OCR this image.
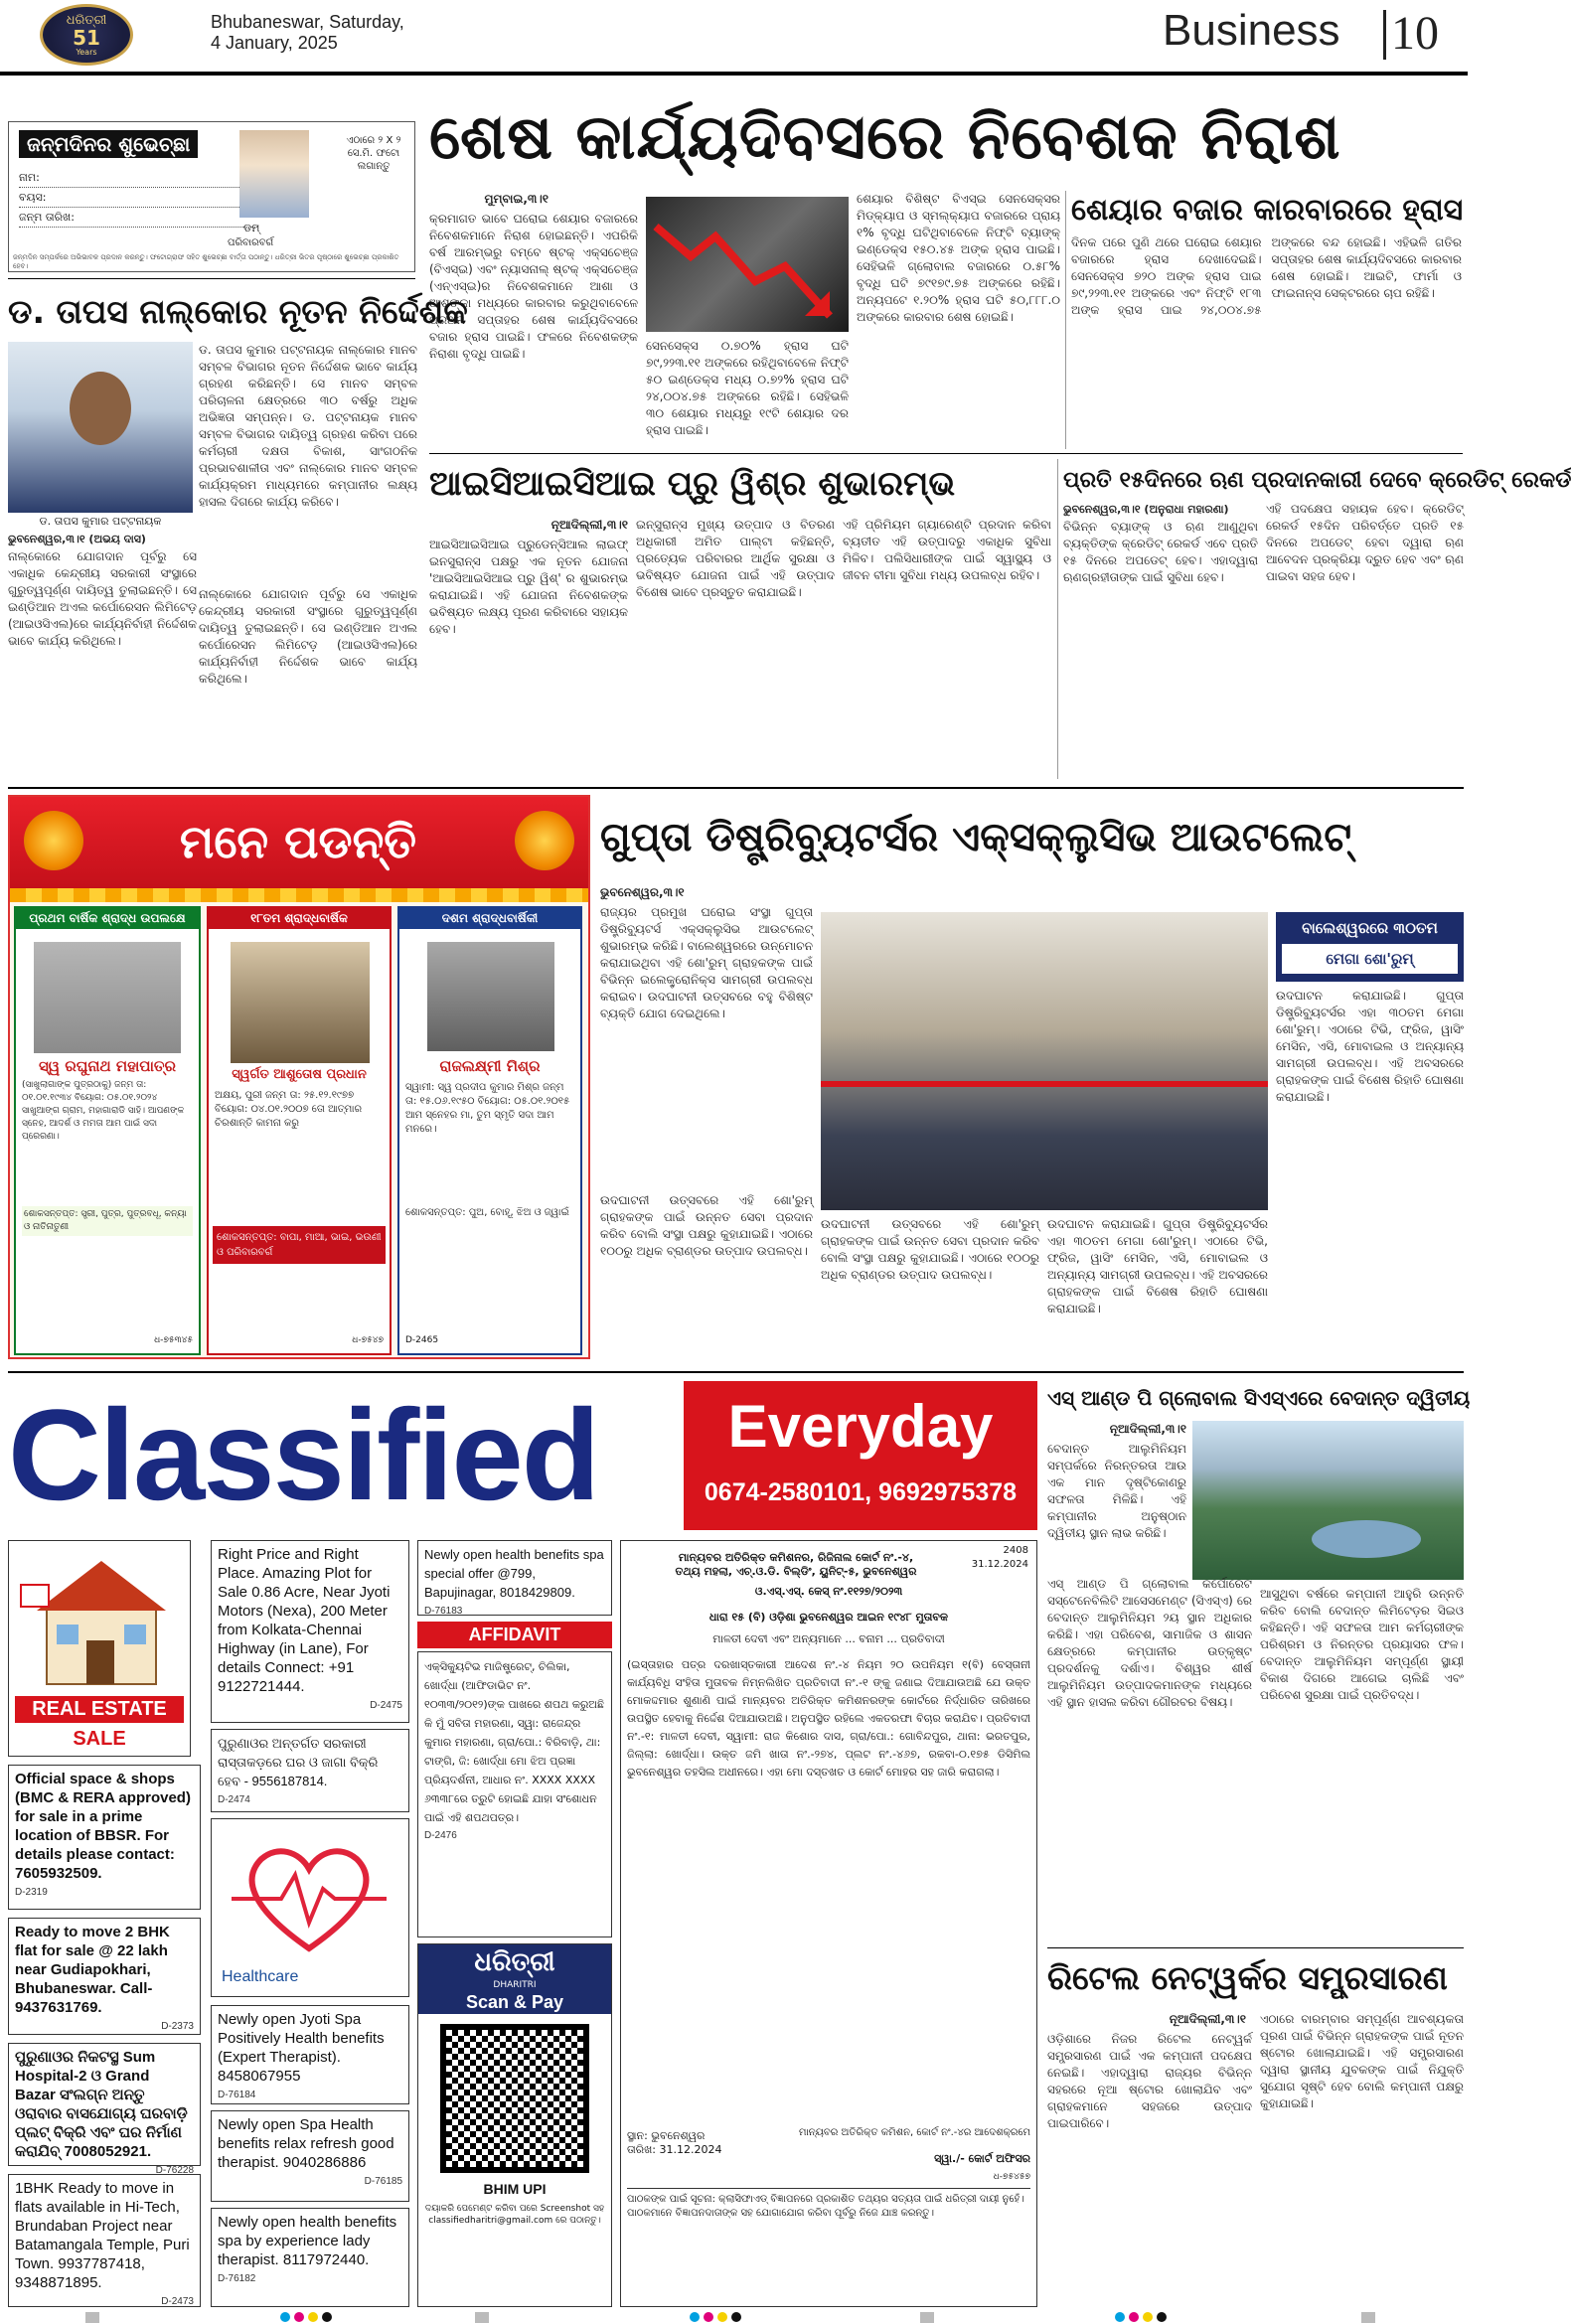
ଧରିତ୍ରୀ
51
Years
Bhubaneswar, Saturday,
4 January, 2025	Business 10
ଜନ୍ମଦିନର ଶୁଭେଚ୍ଛା
ନାମ:
ବୟସ:
ଜନ୍ମ ତାରିଖ:
ଏଠାରେ ୨ X ୨ ସେ.ମି. ଫଟୋ ଲଗାନ୍ତୁ
ଡମ୍
ପରିବାରବର୍ଗ
ଜନ୍ମଦିନ ସମ୍ପର୍କରେ ଅଭିଭାବକ ପ୍ରଦାନ କରନ୍ତୁ। ଫଟୋଗ୍ରାଫ ସହିତ ଶୁଭେଚ୍ଛା ବାର୍ତ୍ତା ପଠାନ୍ତୁ। ଧରିତ୍ରୀ ଭିତର ପୃଷ୍ଠାରେ ଶୁଭେଚ୍ଛା ପ୍ରକାଶିତ ହେବ।
ଶେଷ କାର୍ଯ୍ୟଦିବସରେ ନିବେଶକ ନିରାଶ
ମୁମ୍ବାଇ,୩।୧
କ୍ରମାଗତ ଭାବେ ଘରୋଇ ଶେୟାର ବଜାରରେ ନିବେଶକମାନେ ନିରାଶ ହୋଇଛନ୍ତି। ଏପରିକି ବର୍ଷ ଆରମ୍ଭରୁ ବମ୍ବେ ଷ୍ଟକ୍ ଏକ୍ସଚେଞ୍ଜ (ବିଏସ୍ଇ) ଏବଂ ନ୍ୟାସନାଲ୍ ଷ୍ଟକ୍ ଏକ୍ସଚେଞ୍ଜ (ଏନ୍ଏସ୍ଇ)ର ନିବେଶକମାନେ ଆଶା ଓ ଆଶଙ୍କା ମଧ୍ୟରେ କାରବାର କରୁଥିବାବେଳେ ପ୍ରଥମ ସପ୍ତାହର ଶେଷ କାର୍ଯ୍ୟଦିବସରେ ବଜାର ହ୍ରାସ ପାଇଛି। ଫଳରେ ନିବେଶକଙ୍କ ନିରାଶା ବୃଦ୍ଧି ପାଇଛି।
ସେନସେକ୍ସ ୦.୭୦% ହ୍ରାସ ଘଟି ୭୯,୨୨୩.୧୧ ଅଙ୍କରେ ରହିଥିବାବେଳେ ନିଫ୍ଟି ୫୦ ଇଣ୍ଡେକ୍ସ ମଧ୍ୟ ୦.୭୨% ହ୍ରାସ ଘଟି ୨୪,୦୦୪.୭୫ ଅଙ୍କରେ ରହିଛି। ସେହିଭଳି ୩୦ ଶେୟାର ମଧ୍ୟରୁ ୧୯ଟି ଶେୟାର ଦର ହ୍ରାସ ପାଇଛି।
ଶେୟାର ବିଶିଷ୍ଟ ବିଏସ୍ଇ ସେନସେକ୍ସର ମିଡ୍‌କ୍ୟାପ ଓ ସ୍ମଲ୍‌କ୍ୟାପ ବଜାରରେ ପ୍ରାୟ ୧% ବୃଦ୍ଧି ଘଟିଥିବାବେଳେ ନିଫ୍ଟି ବ୍ୟାଙ୍କ୍ ଇଣ୍ଡେକ୍ସ ୧୫୦.୪୫ ଅଙ୍କ ହ୍ରାସ ପାଇଛି। ସେହିଭଳି ଗ୍ଲୋବାଲ ବଜାରରେ ୦.୫୮% ବୃଦ୍ଧି ଘଟି ୭୯୧୭୯.୭୫ ଅଙ୍କରେ ରହିଛି। ଅନ୍ୟପଟେ ୧.୨୦% ହ୍ରାସ ଘଟି ୫୦,୮୮୮.୦ ଅଙ୍କରେ କାରବାର ଶେଷ ହୋଇଛି।
ଶେୟାର ବଜାର କାରବାରରେ ହ୍ରାସ
ଦିନକ ପରେ ପୁଣି ଥରେ ଘରୋଇ ଶେୟାର ବଜାରରେ ହ୍ରାସ ଦେଖାଦେଇଛି। ସେନସେକ୍ସ ୭୨୦ ଅଙ୍କ ହ୍ରାସ ପାଇ ୭୯,୨୨୩.୧୧ ଅଙ୍କରେ ଏବଂ ନିଫ୍ଟି ୧୮୩ ଅଙ୍କ ହ୍ରାସ ପାଇ ୨୪,୦୦୪.୭୫ ଅଙ୍କରେ ବନ୍ଦ ହୋଇଛି। ଏହିଭଳି ଗତିର ସପ୍ତାହର ଶେଷ କାର୍ଯ୍ୟଦିବସରେ କାରବାର ଶେଷ ହୋଇଛି। ଆଇଟି, ଫାର୍ମା ଓ ଫାଇନାନ୍ସ ସେକ୍ଟରରେ ଚାପ ରହିଛି।
ଡ. ତାପସ ନାଲ୍କୋର ନୂତନ ନିର୍ଦ୍ଦେଶକ
ଡ. ତାପସ କୁମାର ପଟ୍ଟନାୟକ
ଭୁବନେଶ୍ୱର,୩।୧ (ଅଭୟ ଦାସ)
ଡ. ତାପସ କୁମାର ପଟ୍ଟନାୟକ ନାଲ୍କୋର ମାନବ ସମ୍ବଳ ବିଭାଗର ନୂତନ ନିର୍ଦ୍ଦେଶକ ଭାବେ କାର୍ଯ୍ୟ ଗ୍ରହଣ କରିଛନ୍ତି। ସେ ମାନବ ସମ୍ବଳ ପରିଚାଳନା କ୍ଷେତ୍ରରେ ୩୦ ବର୍ଷରୁ ଅଧିକ ଅଭିଜ୍ଞତା ସମ୍ପନ୍ନ। ଡ. ପଟ୍ଟନାୟକ ମାନବ ସମ୍ବଳ ବିଭାଗର ଦାୟିତ୍ୱ ଗ୍ରହଣ କରିବା ପରେ କର୍ମଚାରୀ ଦକ୍ଷତା ବିକାଶ, ସାଂଗଠନିକ ପ୍ରଭାବଶାଳୀତା ଏବଂ ନାଲ୍କୋର ମାନବ ସମ୍ବଳ କାର୍ଯ୍ୟକ୍ରମ ମାଧ୍ୟମରେ କମ୍ପାନୀର ଲକ୍ଷ୍ୟ ହାସଲ ଦିଗରେ କାର୍ଯ୍ୟ କରିବେ।
ନାଲ୍କୋରେ ଯୋଗଦାନ ପୂର୍ବରୁ ସେ ଏକାଧିକ କେନ୍ଦ୍ରୀୟ ସରକାରୀ ସଂସ୍ଥାରେ ଗୁରୁତ୍ୱପୂର୍ଣ୍ଣ ଦାୟିତ୍ୱ ତୁଲାଇଛନ୍ତି। ସେ ଇଣ୍ଡିଆନ ଅଏଲ କର୍ପୋରେସନ ଲିମିଟେଡ଼ (ଆଇଓସିଏଲ)ରେ କାର୍ଯ୍ୟନିର୍ବାହୀ ନିର୍ଦ୍ଦେଶକ ଭାବେ କାର୍ଯ୍ୟ କରିଥିଲେ।
ନାଲ୍କୋରେ ଯୋଗଦାନ ପୂର୍ବରୁ ସେ ଏକାଧିକ କେନ୍ଦ୍ରୀୟ ସରକାରୀ ସଂସ୍ଥାରେ ଗୁରୁତ୍ୱପୂର୍ଣ୍ଣ ଦାୟିତ୍ୱ ତୁଲାଇଛନ୍ତି। ସେ ଇଣ୍ଡିଆନ ଅଏଲ କର୍ପୋରେସନ ଲିମିଟେଡ଼ (ଆଇଓସିଏଲ)ରେ କାର୍ଯ୍ୟନିର୍ବାହୀ ନିର୍ଦ୍ଦେଶକ ଭାବେ କାର୍ଯ୍ୟ କରିଥିଲେ।
ଆଇସିଆଇସିଆଇ ପ୍ରୁ ୱିଶ୍‌ର ଶୁଭାରମ୍ଭ
ନୂଆଦିଲ୍ଲୀ,୩।୧
ଆଇସିଆଇସିଆଇ ପ୍ରୁଡେନ୍ସିଆଲ ଲାଇଫ୍ ଇନସୁରାନ୍ସ ପକ୍ଷରୁ ଏକ ନୂତନ ଯୋଜନା 'ଆଇସିଆଇସିଆଇ ପ୍ରୁ ୱିଶ୍' ର ଶୁଭାରମ୍ଭ କରାଯାଇଛି। ଏହି ଯୋଜନା ନିବେଶକଙ୍କ ଭବିଷ୍ୟତ ଲକ୍ଷ୍ୟ ପୂରଣ କରିବାରେ ସହାୟକ ହେବ।
ଇନ୍ସୁରାନ୍ସ ମୁଖ୍ୟ ଉତ୍ପାଦ ଓ ବିତରଣ ଅଧିକାରୀ ଅମିତ ପାଲ୍ଟା କହିଛନ୍ତି, ପ୍ରତ୍ୟେକ ପରିବାରର ଆର୍ଥିକ ସୁରକ୍ଷା ଓ ଭବିଷ୍ୟତ ଯୋଜନା ପାଇଁ ଏହି ଉତ୍ପାଦ ବିଶେଷ ଭାବେ ପ୍ରସ୍ତୁତ କରାଯାଇଛି।
ଏହି ପ୍ରିମିୟମ ଗ୍ୟାରେଣ୍ଟି ପ୍ରଦାନ କରିବା ବ୍ୟତୀତ ଏହି ଉତ୍ପାଦରୁ ଏକାଧିକ ସୁବିଧା ମିଳିବ। ପଲିସିଧାରୀଙ୍କ ପାଇଁ ସ୍ୱାସ୍ଥ୍ୟ ଓ ଜୀବନ ବୀମା ସୁବିଧା ମଧ୍ୟ ଉପଲବ୍ଧ ରହିବ।
ପ୍ରତି ୧୫ଦିନରେ ଋଣ ପ୍ରଦାନକାରୀ ଦେବେ କ୍ରେଡିଟ୍ ରେକର୍ଡ
ଭୁବନେଶ୍ୱର,୩।୧ (ଅନୁରାଧା ମହାରଣା)
ବିଭିନ୍ନ ବ୍ୟାଙ୍କ୍ ଓ ଋଣ ଆଣୁଥିବା ବ୍ୟକ୍ତିଙ୍କ କ୍ରେଡିଟ୍ ରେକର୍ଡ ଏବେ ପ୍ରତି ୧୫ ଦିନରେ ଅପଡେଟ୍ ହେବ। ଏହାଦ୍ୱାରା ଋଣଗ୍ରହୀତାଙ୍କ ପାଇଁ ସୁବିଧା ହେବ।
ଏହି ପଦକ୍ଷେପ ସହାୟକ ହେବ। କ୍ରେଡିଟ୍ ରେକର୍ଡ ୧୫ଦିନ ପରିବର୍ତ୍ତେ ପ୍ରତି ୧୫ ଦିନରେ ଅପଡେଟ୍ ହେବା ଦ୍ୱାରା ଋଣ ଆବେଦନ ପ୍ରକ୍ରିୟା ଦ୍ରୁତ ହେବ ଏବଂ ଋଣ ପାଇବା ସହଜ ହେବ।
ମନେ ପଡନ୍ତି
ପ୍ରଥମ ବାର୍ଷିକ ଶ୍ରାଦ୍ଧ ଉପଲକ୍ଷେ
ସ୍ୱ ରଘୁନାଥ ମହାପାତ୍ର
(ସାଖୁଲାଗାଙ୍କ ପୁତ୍ରଠାକୁ) ଜନ୍ମ ତା: ୦୧.୦୧.୧୯୩୪ ବିୟୋଗ: ୦୫.୦୧.୨୦୨୪ ସାଖୁଆଙ୍ଗ ଗ୍ରାମ, ମହାଗାରାଡି ସାହି। ଆପଣଙ୍କ ସ୍ନେହ, ଆଦର୍ଶ ଓ ମମତା ଆମ ପାଇଁ ସଦା ପ୍ରେରଣା।
ଶୋକସନ୍ତପ୍ତ: ସ୍ତ୍ରୀ, ପୁତ୍ର, ପୁତ୍ରବଧୂ, କନ୍ୟା ଓ ନାତିନାତୁଣୀ
ଧ-୭୫୩୪୫
୧୮ତମ ଶ୍ରାଦ୍ଧବାର୍ଷିକ
ସ୍ୱର୍ଗତ ଆଶୁତୋଷ ପ୍ରଧାନ
ଅକ୍ଷୟ, ପୁରୀ ଜନ୍ମ ତା: ୨୫.୧୨.୧୯୭୭ ବିୟୋଗ: ୦୪.୦୧.୨୦୦୭ ତୋ ଆତ୍ମାର ଚିରଶାନ୍ତି କାମନା କରୁ
ଶୋକସନ୍ତପ୍ତ: ବାପା, ମାଆ, ଭାଇ, ଭଉଣୀ ଓ ପରିବାରବର୍ଗ
ଧ-୭୫୪୭
ଦଶମ ଶ୍ରାଦ୍ଧବାର୍ଷିକୀ
ରାଜଲକ୍ଷ୍ମୀ ମିଶ୍ର
ସ୍ୱାମୀ: ସ୍ୱ ପ୍ରଦୀପ କୁମାର ମିଶ୍ର ଜନ୍ମ ତା: ୧୫.୦୬.୧୯୫୦ ବିୟୋଗ: ୦୫.୦୧.୨୦୧୫ ଆମ ସ୍ନେହର ମା, ତୁମ ସ୍ମୃତି ସଦା ଆମ ମନରେ।
ଶୋକସନ୍ତପ୍ତ: ପୁଅ, ବୋହୂ, ଝିଅ ଓ ଜ୍ୱାଇଁ
D-2465
ଗୁପ୍ତା ଡିଷ୍ଟ୍ରିବ୍ୟୁଟର୍ସର ଏକ୍ସକ୍ଲୁସିଭ ଆଉଟଲେଟ୍
ଭୁବନେଶ୍ୱର,୩।୧
ରାଜ୍ୟର ପ୍ରମୁଖ ଘରୋଇ ସଂସ୍ଥା ଗୁପ୍ତା ଡିଷ୍ଟ୍ରିବ୍ୟୁଟର୍ସ ଏକ୍ସକ୍ଲୁସିଭ ଆଉଟଲେଟ୍ ଶୁଭାରମ୍ଭ କରିଛି। ବାଲେଶ୍ୱରରେ ଉନ୍ମୋଚନ କରାଯାଇଥିବା ଏହି ଶୋ'ରୁମ୍ ଗ୍ରାହକଙ୍କ ପାଇଁ ବିଭିନ୍ନ ଇଲେକ୍ଟ୍ରୋନିକ୍ସ ସାମଗ୍ରୀ ଉପଲବ୍ଧ କରାଇବ। ଉଦଘାଟନୀ ଉତ୍ସବରେ ବହୁ ବିଶିଷ୍ଟ ବ୍ୟକ୍ତି ଯୋଗ ଦେଇଥିଲେ।
ବାଲେଶ୍ୱରରେ ୩୦ତମ
ମେଗା ଶୋ'ରୁମ୍
ଉଦଘାଟନ କରାଯାଇଛି। ଗୁପ୍ତା ଡିଷ୍ଟ୍ରିବ୍ୟୁଟର୍ସର ଏହା ୩୦ତମ ମେଗା ଶୋ'ରୁମ୍। ଏଠାରେ ଟିଭି, ଫ୍ରିଜ, ୱାସିଂ ମେସିନ, ଏସି, ମୋବାଇଲ ଓ ଅନ୍ୟାନ୍ୟ ସାମଗ୍ରୀ ଉପଲବ୍ଧ। ଏହି ଅବସରରେ ଗ୍ରାହକଙ୍କ ପାଇଁ ବିଶେଷ ରିହାତି ଘୋଷଣା କରାଯାଇଛି।
ଉଦଘାଟନୀ ଉତ୍ସବରେ ଏହି ଶୋ'ରୁମ୍ ଗ୍ରାହକଙ୍କ ପାଇଁ ଉନ୍ନତ ସେବା ପ୍ରଦାନ କରିବ ବୋଲି ସଂସ୍ଥା ପକ୍ଷରୁ କୁହାଯାଇଛି। ଏଠାରେ ୧୦୦ରୁ ଅଧିକ ବ୍ରାଣ୍ଡର ଉତ୍ପାଦ ଉପଲବ୍ଧ।
ଉଦଘାଟନୀ ଉତ୍ସବରେ ଏହି ଶୋ'ରୁମ୍ ଗ୍ରାହକଙ୍କ ପାଇଁ ଉନ୍ନତ ସେବା ପ୍ରଦାନ କରିବ ବୋଲି ସଂସ୍ଥା ପକ୍ଷରୁ କୁହାଯାଇଛି। ଏଠାରେ ୧୦୦ରୁ ଅଧିକ ବ୍ରାଣ୍ଡର ଉତ୍ପାଦ ଉପଲବ୍ଧ।
ଉଦଘାଟନ କରାଯାଇଛି। ଗୁପ୍ତା ଡିଷ୍ଟ୍ରିବ୍ୟୁଟର୍ସର ଏହା ୩୦ତମ ମେଗା ଶୋ'ରୁମ୍। ଏଠାରେ ଟିଭି, ଫ୍ରିଜ, ୱାସିଂ ମେସିନ, ଏସି, ମୋବାଇଲ ଓ ଅନ୍ୟାନ୍ୟ ସାମଗ୍ରୀ ଉପଲବ୍ଧ। ଏହି ଅବସରରେ ଗ୍ରାହକଙ୍କ ପାଇଁ ବିଶେଷ ରିହାତି ଘୋଷଣା କରାଯାଇଛି।
Classified	Everyday
0674-2580101, 9692975378
REAL ESTATE
SALE
Official space & shops (BMC & RERA approved) for sale in a prime location of BBSR. For details please contact: 7605932509.
D-2319
Ready to move 2 BHK flat for sale @ 22 lakh near Gudiapokhari, Bhubaneswar. Call- 9437631769.
D-2373
ପୁରୁଣାଓର ନିକଟସ୍ଥ Sum Hospital-2 ଓ Grand Bazar ସଂଲଗ୍ନ ଅନ୍ତୁ ଓରାବାର ବାସଯୋଗ୍ୟ ଘରବାଡ଼ି ପ୍ଲଟ୍ ବିକ୍ରି ଏବଂ ଘର ନିର୍ମାଣ କରାଯିବ୍ 7008052921.
D-76228
1BHK Ready to move in flats available in Hi-Tech, Brundaban Project near Batamangala Temple, Puri Town. 9937787418, 9348871895.
D-2473
Right Price and Right Place. Amazing Plot for Sale 0.86 Acre, Near Jyoti Motors (Nexa), 200 Meter from Kolkata-Chennai Highway (in Lane), For details Connect: +91 9122721444.
D-2475
ପୁରୁଣାଓର ଅନ୍ତର୍ଗତ ସରକାରୀ ରାସ୍ତାକଡ଼ରେ ଘର ଓ ଜାଗା ବିକ୍ରି ହେବ - 9556187814.
D-2474
Healthcare
Newly open Jyoti Spa Positively Health benefits (Expert Therapist). 8458067955
D-76184
Newly open Spa Health benefits relax refresh good therapist. 9040286886
D-76185
Newly open health benefits spa by experience lady therapist. 8117972440.
D-76182
Newly open health benefits spa special offer @799, Bapujinagar, 8018429809.
D-76183
AFFIDAVIT
ଏକ୍ସିକ୍ୟୁଟିଭ ମାଜିଷ୍ଟ୍ରେଟ୍, ଚିଲିକା, ଖୋର୍ଦ୍ଧା (ଆଫିଡାଭିଟ ନଂ. ୧୦୩୩/୨୦୧୨)ଙ୍କ ପାଖରେ ଶପଥ କରୁଅଛି କି ମୁଁ ସବିତା ମହାରଣା, ସ୍ୱା: ରାଜେନ୍ଦ୍ର କୁମାର ମହାରଣା, ଗ୍ରା/ପୋ.: ବିରିବାଡ଼ି, ଥା: ଟାଙ୍ଗି, ଜି: ଖୋର୍ଦ୍ଧା ମୋ ଝିଅ ପ୍ରଜ୍ଞା ପ୍ରିୟଦର୍ଶନୀ, ଆଧାର ନଂ. XXXX XXXX ୬୩୩୮ରେ ତ୍ରୁଟି ହୋଇଛି ଯାହା ସଂଶୋଧନ ପାଇଁ ଏହି ଶପଥପତ୍ର।
D-2476
ଧରିତ୍ରୀ
DHARITRI
Scan & Pay
BHIM UPI
ଦୟାକରି ପେମେଣ୍ଟ କରିବା ପରେ Screenshot ସହ classifiedharitri@gmail.com ରେ ପଠାନ୍ତୁ।
2408
31.12.2024
ମାନ୍ୟବର ଅତିରିକ୍ତ କମିଶନର, ରିଜିନାଲ କୋର୍ଟ ନଂ.-୪,
ତଥ୍ୟ ମହଲା, ଏଚ୍.ଓ.ଡି. ବିଲ୍ଡିଂ, ୟୁନିଟ୍-୫, ଭୁବନେଶ୍ୱର
ଓ.ଏସ୍.ଏସ୍. କେସ୍ ନଂ.୧୧୨୭/୨୦୨୩
ଧାରା ୧୫ (ବି) ଓଡ଼ିଶା ଭୁବନେଶ୍ୱର ଆଇନ ୧୯୪୮ ମୁତାବକ
ମାଳତୀ ଦେବୀ ଏବଂ ଅନ୍ୟମାନେ ... ବନାମ ... ପ୍ରତିବାଦୀ
(ଇସ୍ତାହାର ପତ୍ର ଦରଖାସ୍ତକାରୀ ଆଦେଶ ନଂ.-୪ ନିୟମ ୨୦ ଉପନିୟମ ୧(ବି) ବେସ୍ତାନୀ କାର୍ଯ୍ୟବିଧି ସଂହିତା ମୁତାବକ ନିମ୍ନଲିଖିତ ପ୍ରତିବାଦୀ ନଂ.-୧ ଙ୍କୁ ଜଣାଇ ଦିଆଯାଉଅଛି ଯେ ଉକ୍ତ ମୋକଦ୍ଦମାର ଶୁଣାଣି ପାଇଁ ମାନ୍ୟବର ଅତିରିକ୍ତ କମିଶନରଙ୍କ କୋର୍ଟରେ ନିର୍ଦ୍ଧାରିତ ତାରିଖରେ ଉପସ୍ଥିତ ହେବାକୁ ନିର୍ଦ୍ଦେଶ ଦିଆଯାଉଅଛି। ଅନୁପସ୍ଥିତ ରହିଲେ ଏକତରଫା ବିଚାର କରାଯିବ। ପ୍ରତିବାଦୀ ନଂ.-୧: ମାଳତୀ ଦେବୀ, ସ୍ୱାମୀ: ରାଜ କିଶୋର ଦାସ, ଗ୍ରା/ପୋ.: ଗୋବିନ୍ଦପୁର, ଥାନା: ଭରତପୁର, ଜିଲ୍ଲା: ଖୋର୍ଦ୍ଧା। ଉକ୍ତ ଜମି ଖାତା ନଂ.-୨୭୪, ପ୍ଲଟ ନଂ.-୪୬୭, ରକବା-୦.୧୭୫ ଡିସିମିଲ ଭୁବନେଶ୍ୱର ତହସିଲ ଅଧୀନରେ। ଏହା ମୋ ଦସ୍ତଖତ ଓ କୋର୍ଟ ମୋହର ସହ ଜାରି କରାଗଲା।
ସ୍ଥାନ: ଭୁବନେଶ୍ୱର
ତାରିଖ: 31.12.2024
ମାନ୍ୟବର ଅତିରିକ୍ତ କମିଶନ, କୋର୍ଟ ନଂ.-୪ର ଆଦେଶକ୍ରମେ
ସ୍ୱା./- କୋର୍ଟ ଅଫିସର
ଧ-୭୫୪୫୭
ପାଠକଙ୍କ ପାଇଁ ସୂଚନା: କ୍ଲାସିଫାଏଡ୍ ବିଜ୍ଞାପନରେ ପ୍ରକାଶିତ ତଥ୍ୟର ସତ୍ୟତା ପାଇଁ ଧରିତ୍ରୀ ଦାୟୀ ନୁହେଁ। ପାଠକମାନେ ବିଜ୍ଞାପନଦାତାଙ୍କ ସହ ଯୋଗାଯୋଗ କରିବା ପୂର୍ବରୁ ନିଜେ ଯାଞ୍ଚ କରନ୍ତୁ।
ଏସ୍ ଆଣ୍ଡ ପି ଗ୍ଲୋବାଲ ସିଏସ୍ଏରେ ବେଦାନ୍ତ ଦ୍ୱିତୀୟ
ନୂଆଦିଲ୍ଲୀ,୩।୧
ବେଦାନ୍ତ ଆଲୁମିନିୟମ ସମ୍ପର୍କରେ ନିରନ୍ତରତା ଆଉ ଏକ ମାନ ଦୃଷ୍ଟିକୋଣରୁ ସଫଳତା ମିଳିଛି। ଏହି କମ୍ପାନୀର ଅନୁଷ୍ଠାନ ଦ୍ୱିତୀୟ ସ୍ଥାନ ଲାଭ କରିଛି।
ଏସ୍ ଆଣ୍ଡ ପି ଗ୍ଲୋବାଲ କର୍ପୋରେଟ ସସ୍ଟେନେବିଲିଟି ଆସେସମେଣ୍ଟ (ସିଏସ୍ଏ) ରେ ବେଦାନ୍ତ ଆଲୁମିନିୟମ ୨ୟ ସ୍ଥାନ ଅଧିକାର କରିଛି। ଏହା ପରିବେଶ, ସାମାଜିକ ଓ ଶାସନ କ୍ଷେତ୍ରରେ କମ୍ପାନୀର ଉତ୍କୃଷ୍ଟ ପ୍ରଦର୍ଶନକୁ ଦର୍ଶାଏ। ବିଶ୍ୱର ଶୀର୍ଷ ଆଲୁମିନିୟମ ଉତ୍ପାଦକମାନଙ୍କ ମଧ୍ୟରେ ଏହି ସ୍ଥାନ ହାସଲ କରିବା ଗୌରବର ବିଷୟ।
ଆସୁଥିବା ବର୍ଷରେ କମ୍ପାନୀ ଆହୁରି ଉନ୍ନତି କରିବ ବୋଲି ବେଦାନ୍ତ ଲିମିଟେଡ଼ର ସିଇଓ କହିଛନ୍ତି। ଏହି ସଫଳତା ଆମ କର୍ମଚାରୀଙ୍କ ପରିଶ୍ରମ ଓ ନିରନ୍ତର ପ୍ରୟାସର ଫଳ। ବେଦାନ୍ତ ଆଲୁମିନିୟମ ସମ୍ପୂର୍ଣ୍ଣ ସ୍ଥାୟୀ ବିକାଶ ଦିଗରେ ଆଗେଇ ଚାଲିଛି ଏବଂ ପରିବେଶ ସୁରକ୍ଷା ପାଇଁ ପ୍ରତିବଦ୍ଧ।
ରିଟେଲ ନେଟ୍‌ୱର୍କର ସମ୍ପ୍ରସାରଣ
ନୂଆଦିଲ୍ଲୀ,୩।୧
ଓଡ଼ିଶାରେ ନିଜର ରିଟେଲ ନେଟ୍‌ୱର୍କ ସମ୍ପ୍ରସାରଣ ପାଇଁ ଏକ କମ୍ପାନୀ ପଦକ୍ଷେପ ନେଇଛି। ଏହାଦ୍ୱାରା ରାଜ୍ୟର ବିଭିନ୍ନ ସହରରେ ନୂଆ ଷ୍ଟୋର ଖୋଲାଯିବ ଏବଂ ଗ୍ରାହକମାନେ ସହଜରେ ଉତ୍ପାଦ ପାଇପାରିବେ।
ଏଠାରେ ବାରମ୍ବାର ସମ୍ପୂର୍ଣ୍ଣ ଆବଶ୍ୟକତା ପୂରଣ ପାଇଁ ବିଭିନ୍ନ ଗ୍ରାହକଙ୍କ ପାଇଁ ନୂତନ ଷ୍ଟୋର ଖୋଲାଯାଇଛି। ଏହି ସମ୍ପ୍ରସାରଣ ଦ୍ୱାରା ସ୍ଥାନୀୟ ଯୁବକଙ୍କ ପାଇଁ ନିଯୁକ୍ତି ସୁଯୋଗ ସୃଷ୍ଟି ହେବ ବୋଲି କମ୍ପାନୀ ପକ୍ଷରୁ କୁହାଯାଇଛି।
